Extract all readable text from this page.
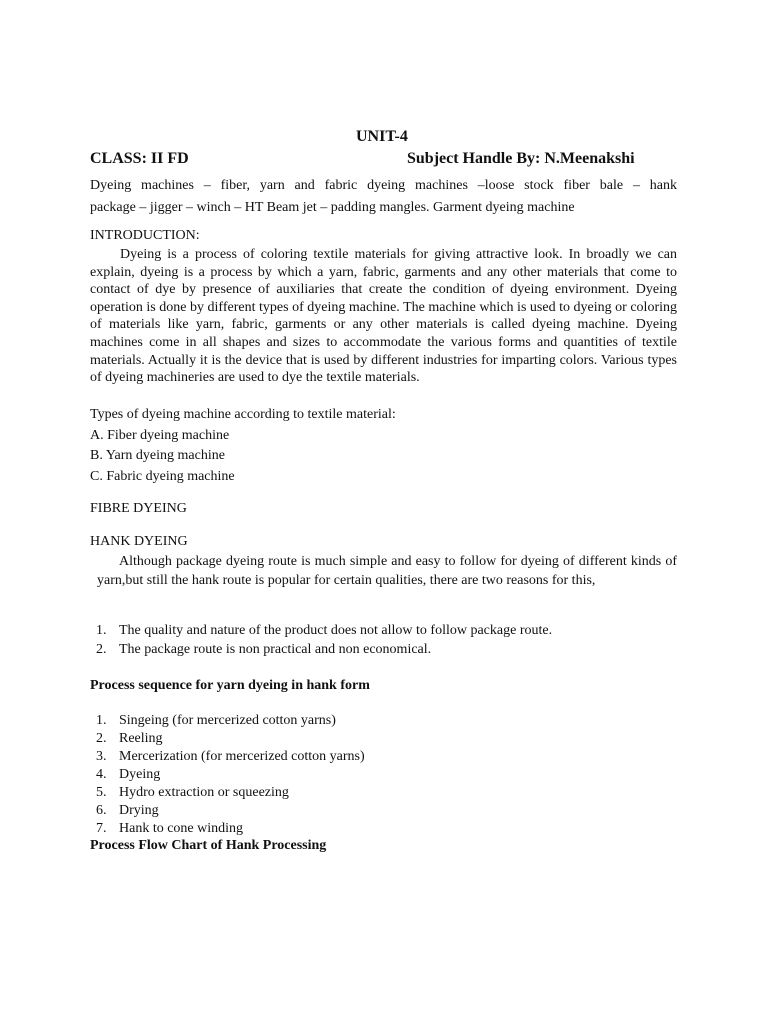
UNIT-4
CLASS: II FD	Subject Handle By: N.Meenakshi
Dyeing machines – fiber, yarn and fabric dyeing machines –loose stock fiber bale – hank
package – jigger – winch – HT Beam jet – padding mangles. Garment dyeing machine
INTRODUCTION:
Dyeing is a process of coloring textile materials for giving attractive look. In broadly we can explain, dyeing is a process by which a yarn, fabric, garments and any other materials that come to contact of dye by presence of auxiliaries that create the condition of dyeing environment. Dyeing operation is done by different types of dyeing machine. The machine which is used to dyeing or coloring of materials like yarn, fabric, garments or any other materials is called dyeing machine. Dyeing machines come in all shapes and sizes to accommodate the various forms and quantities of textile materials. Actually it is the device that is used by different industries for imparting colors. Various types of dyeing machineries are used to dye the textile materials.
Types of dyeing machine according to textile material:
A. Fiber dyeing machine
B. Yarn dyeing machine
C. Fabric dyeing machine
FIBRE DYEING
HANK DYEING
Although package dyeing route is much simple and easy to follow for dyeing of different kinds of yarn,but still the hank route is popular for certain qualities, there are two reasons for this,
1. The quality and nature of the product does not allow to follow package route.
2. The package route is non practical and non economical.
Process sequence for yarn dyeing in hank form
1. Singeing (for mercerized cotton yarns)
2. Reeling
3. Mercerization (for mercerized cotton yarns)
4. Dyeing
5. Hydro extraction or squeezing
6. Drying
7. Hank to cone winding
Process Flow Chart of Hank Processing
